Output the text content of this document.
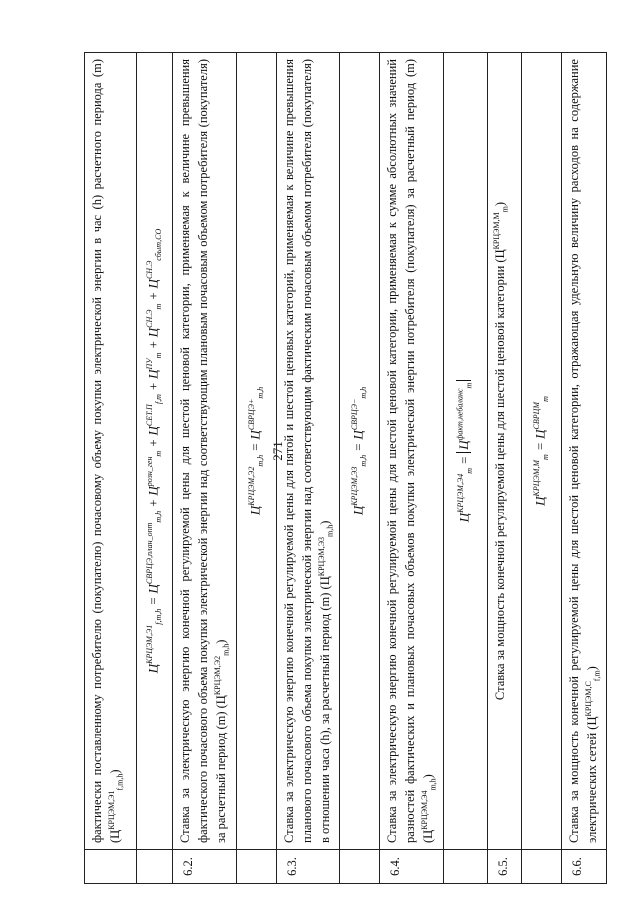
271
	фактически поставленному потребителю (покупателю) почасовому объему покупки электрической энергии в час (h) расчетного периода (m) $(Ц^{КРЦЭМ,Э1}_{f,m,h})$
	$Ц^{КРЦЭМ,Э1}_{f,m,h} = Ц^{СВРЦЭ,план\_опт}_{m,h} + Ц^{розн\_ген}_m + Ц^{СЕТ.П}_{f,m} + Ц^{ПУ}_m + Ц^{СН.Э}_m + Ц^{СН.Э}_{сбыт,СО}$
6.2.	Ставка за электрическую энергию конечной регулируемой цены для шестой ценовой категории, применяемая к величине превышения фактического почасового объема покупки электрической энергии над соответствующим плановым почасовым объемом потребителя (покупателя) за расчетный период (m) $(Ц^{КРЦЭМ,Э2}_{m,h})$
	$Ц^{КРЦЭМ,Э2}_{m,h} = Ц^{СВРЦЭ+}_{m,h}$
6.3.	Ставка за электрическую энергию конечной регулируемой цены для пятой и шестой ценовых категорий, применяемая к величине превышения планового почасового объема покупки электрической энергии над соответствующим фактическим почасовым объемом потребителя (покупателя) в отношении часа (h), за расчетный период (m) $(Ц^{КРЦЭМ,Э3}_{m,h})$
	$Ц^{КРЦЭМ,Э3}_{m,h} = Ц^{СВРЦЭ-}_{m,h}$
6.4.	Ставка за электрическую энергию конечной регулируемой цены для шестой ценовой категории, применяемая к сумме абсолютных значений разностей фактических и плановых почасовых объемов покупки электрической энергии потребителя (покупателя) за расчетный период (m) $(Ц^{КРЦЭМ,Э4}_{m,h})$
	$Ц^{КРЦЭМ,Э4}_m = Ц^{факт,небаланс}_m$
6.5.	Ставка за мощность конечной регулируемой цены для шестой ценовой категории $(Ц^{КРЦЭМ,М}_m)$
	$Ц^{КРЦЭМ,М}_m = Ц^{СВРЦМ}_m$
6.6.	Ставка за мощность конечной регулируемой цены для шестой ценовой категории, отражающая удельную величину расходов на содержание электрических сетей $(Ц^{КРЦЭМ,С}_{f,m})$
